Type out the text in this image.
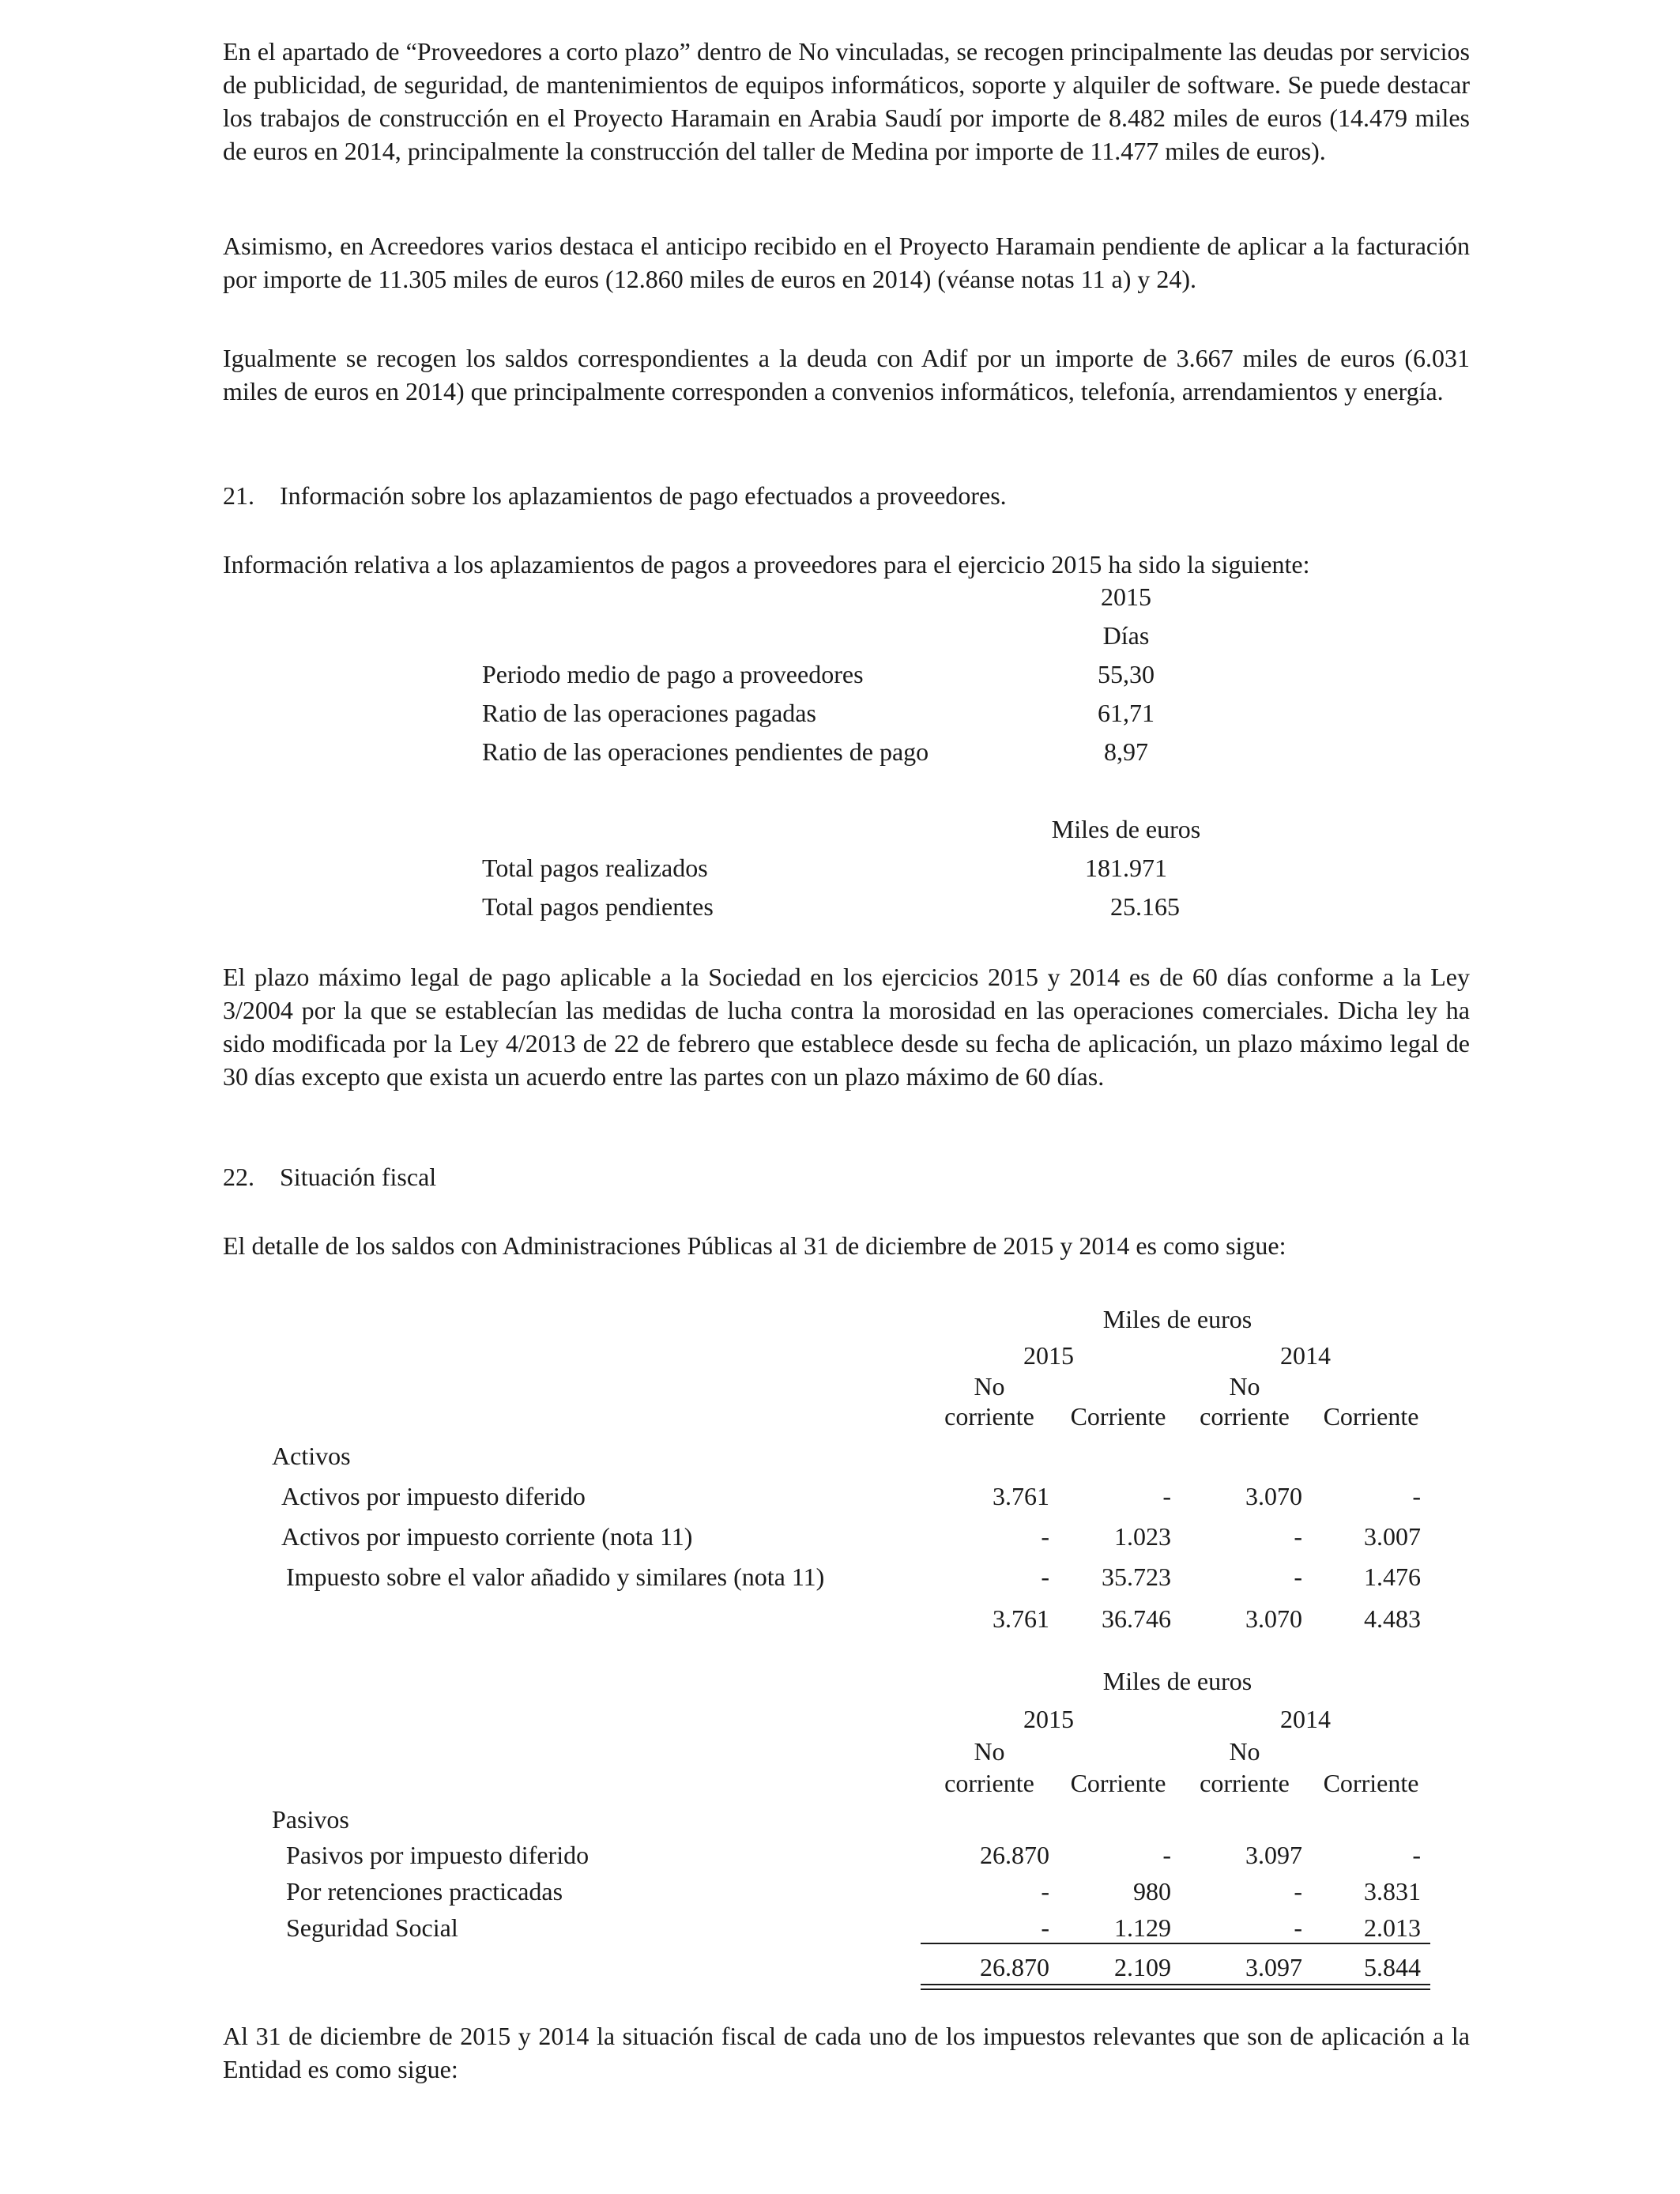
En el apartado de “Proveedores a corto plazo” dentro de No vinculadas, se recogen principalmente las deudas por servicios de publicidad, de seguridad, de mantenimientos de equipos informáticos, soporte y alquiler de software. Se puede destacar los trabajos de construcción en el Proyecto Haramain en Arabia Saudí por importe de 8.482 miles de euros (14.479 miles de euros en 2014, principalmente la construcción del taller de Medina por importe de 11.477 miles de euros).

Asimismo, en Acreedores varios destaca el anticipo recibido en el Proyecto Haramain pendiente de aplicar a la facturación por importe de 11.305 miles de euros (12.860 miles de euros en 2014) (véanse notas 11 a) y 24).

Igualmente se recogen los saldos correspondientes a la deuda con Adif por un importe de 3.667 miles de euros (6.031 miles de euros en 2014) que principalmente corresponden a convenios informáticos, telefonía, arrendamientos y energía.

21. Información sobre los aplazamientos de pago efectuados a proveedores.

Información relativa a los aplazamientos de pagos a proveedores para el ejercicio 2015 ha sido la siguiente:

2015
Días
Periodo medio de pago a proveedores	55,30
Ratio de las operaciones pagadas	61,71
Ratio de las operaciones pendientes de pago	8,97
Miles de euros
Total pagos realizados	181.971
Total pagos pendientes	25.165

El plazo máximo legal de pago aplicable a la Sociedad en los ejercicios 2015 y 2014 es de 60 días conforme a la Ley 3/2004 por la que se establecían las medidas de lucha contra la morosidad en las operaciones comerciales. Dicha ley ha sido modificada por la Ley 4/2013 de 22 de febrero que establece desde su fecha de aplicación, un plazo máximo legal de 30 días excepto que exista un acuerdo entre las partes con un plazo máximo de 60 días.

22. Situación fiscal

El detalle de los saldos con Administraciones Públicas al 31 de diciembre de 2015 y 2014 es como sigue:

Miles de euros
2015	2014
No	No
corriente	Corriente	corriente	Corriente
Activos
Activos por impuesto diferido	3.761	-	3.070	-
Activos por impuesto corriente (nota 11)	-	1.023	-	3.007
Impuesto sobre el valor añadido y similares (nota 11)	-	35.723	-	1.476
3.761	36.746	3.070	4.483
Miles de euros
2015	2014
No	No
corriente	Corriente	corriente	Corriente
Pasivos
Pasivos por impuesto diferido	26.870	-	3.097	-
Por retenciones practicadas	-	980	-	3.831
Seguridad Social	-	1.129	-	2.013
26.870	2.109	3.097	5.844

Al 31 de diciembre de 2015 y 2014 la situación fiscal de cada uno de los impuestos relevantes que son de aplicación a la Entidad es como sigue:
